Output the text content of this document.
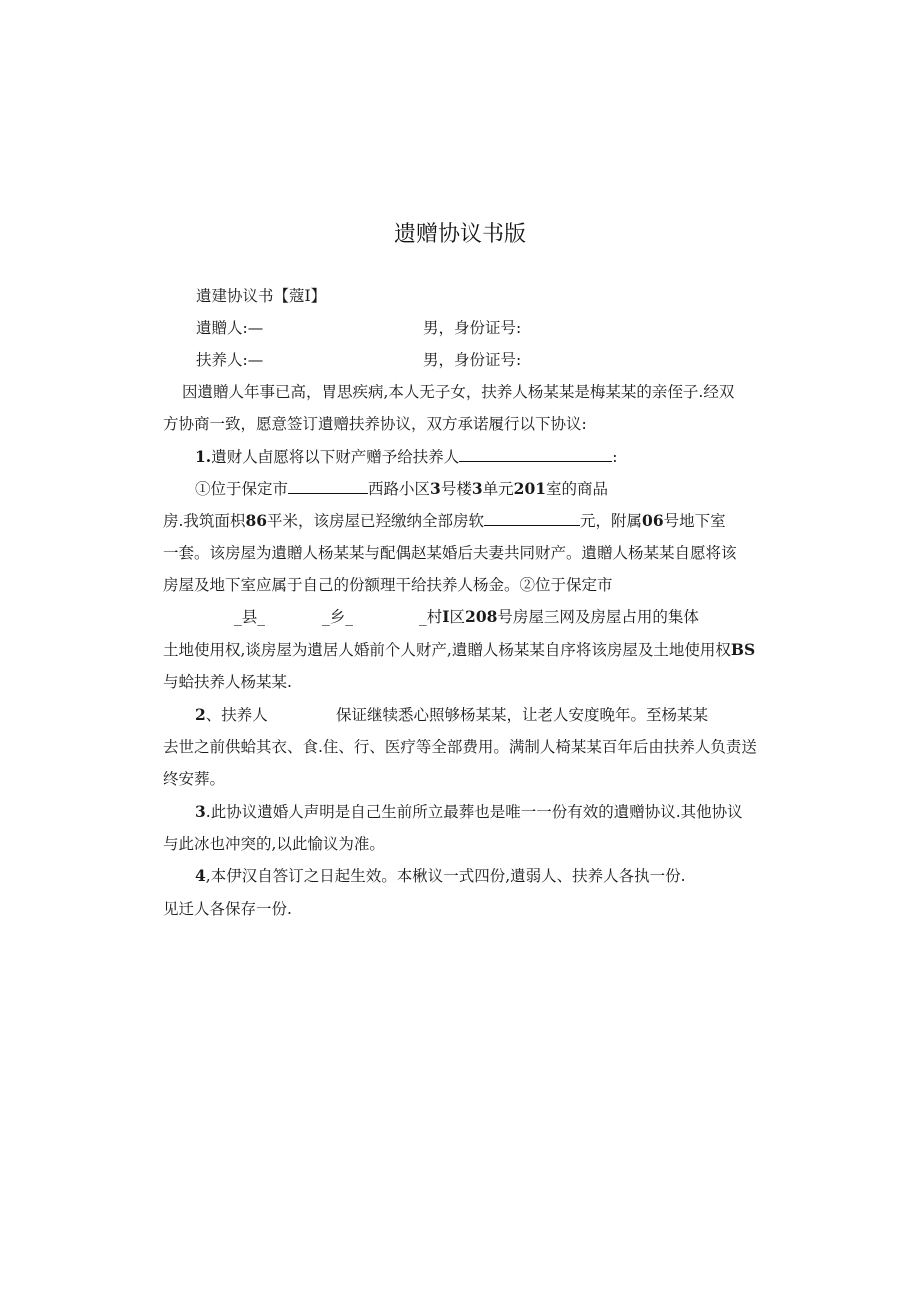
遗赠协议书版
遺建协议书【蔻I】
遺贈人:—	男，身份证号:
扶养人:—	男，身份证号:
因遺贈人年事已高，胃思疾病,本人无子女，扶养人杨某某是梅某某的亲侄子.经双
方协商一致，愿意签订遺赠扶养协议，双方承诺履行以下协议:
1.遺财人卣愿将以下财产赠予给扶养人	:
①位于保定市	西路小区3号楼3单元201室的商品
房.我筑面枳86平米，该房屋已羟缴纳全部房软	元，附属06号地下室
一套。该房屋为遺贈人杨某某与配偶赵某婚后夫妻共同财产。遺贈人杨某某自愿将该
房屋及地下室应属于自己的份额理干给扶养人杨金。②位于保定市
_县_	_乡_	_村I区208号房屋三网及房屋占用的集体
土地使用权,谈房屋为遺居人婚前个人财产,遺贈人杨某某自序将该房屋及土地使用权BS
与蛤扶养人杨某某.
2、扶养人	保证继犊悉心照够杨某某，让老人安度晚年。至杨某某
去世之前供蛤其衣、食.住、行、医疗等全部费用。满制人椅某某百年后由扶养人负责送
终安葬。
3.此协议遺婚人声明是自己生前所立最葬也是唯一一份有效的遺赠协议.其他协议
与此冰也冲突的,以此愉议为准。
4,本伊汉自答订之日起生效。本楸议一式四份,遺弱人、扶养人各执一份.
见迁人各保存一份.
